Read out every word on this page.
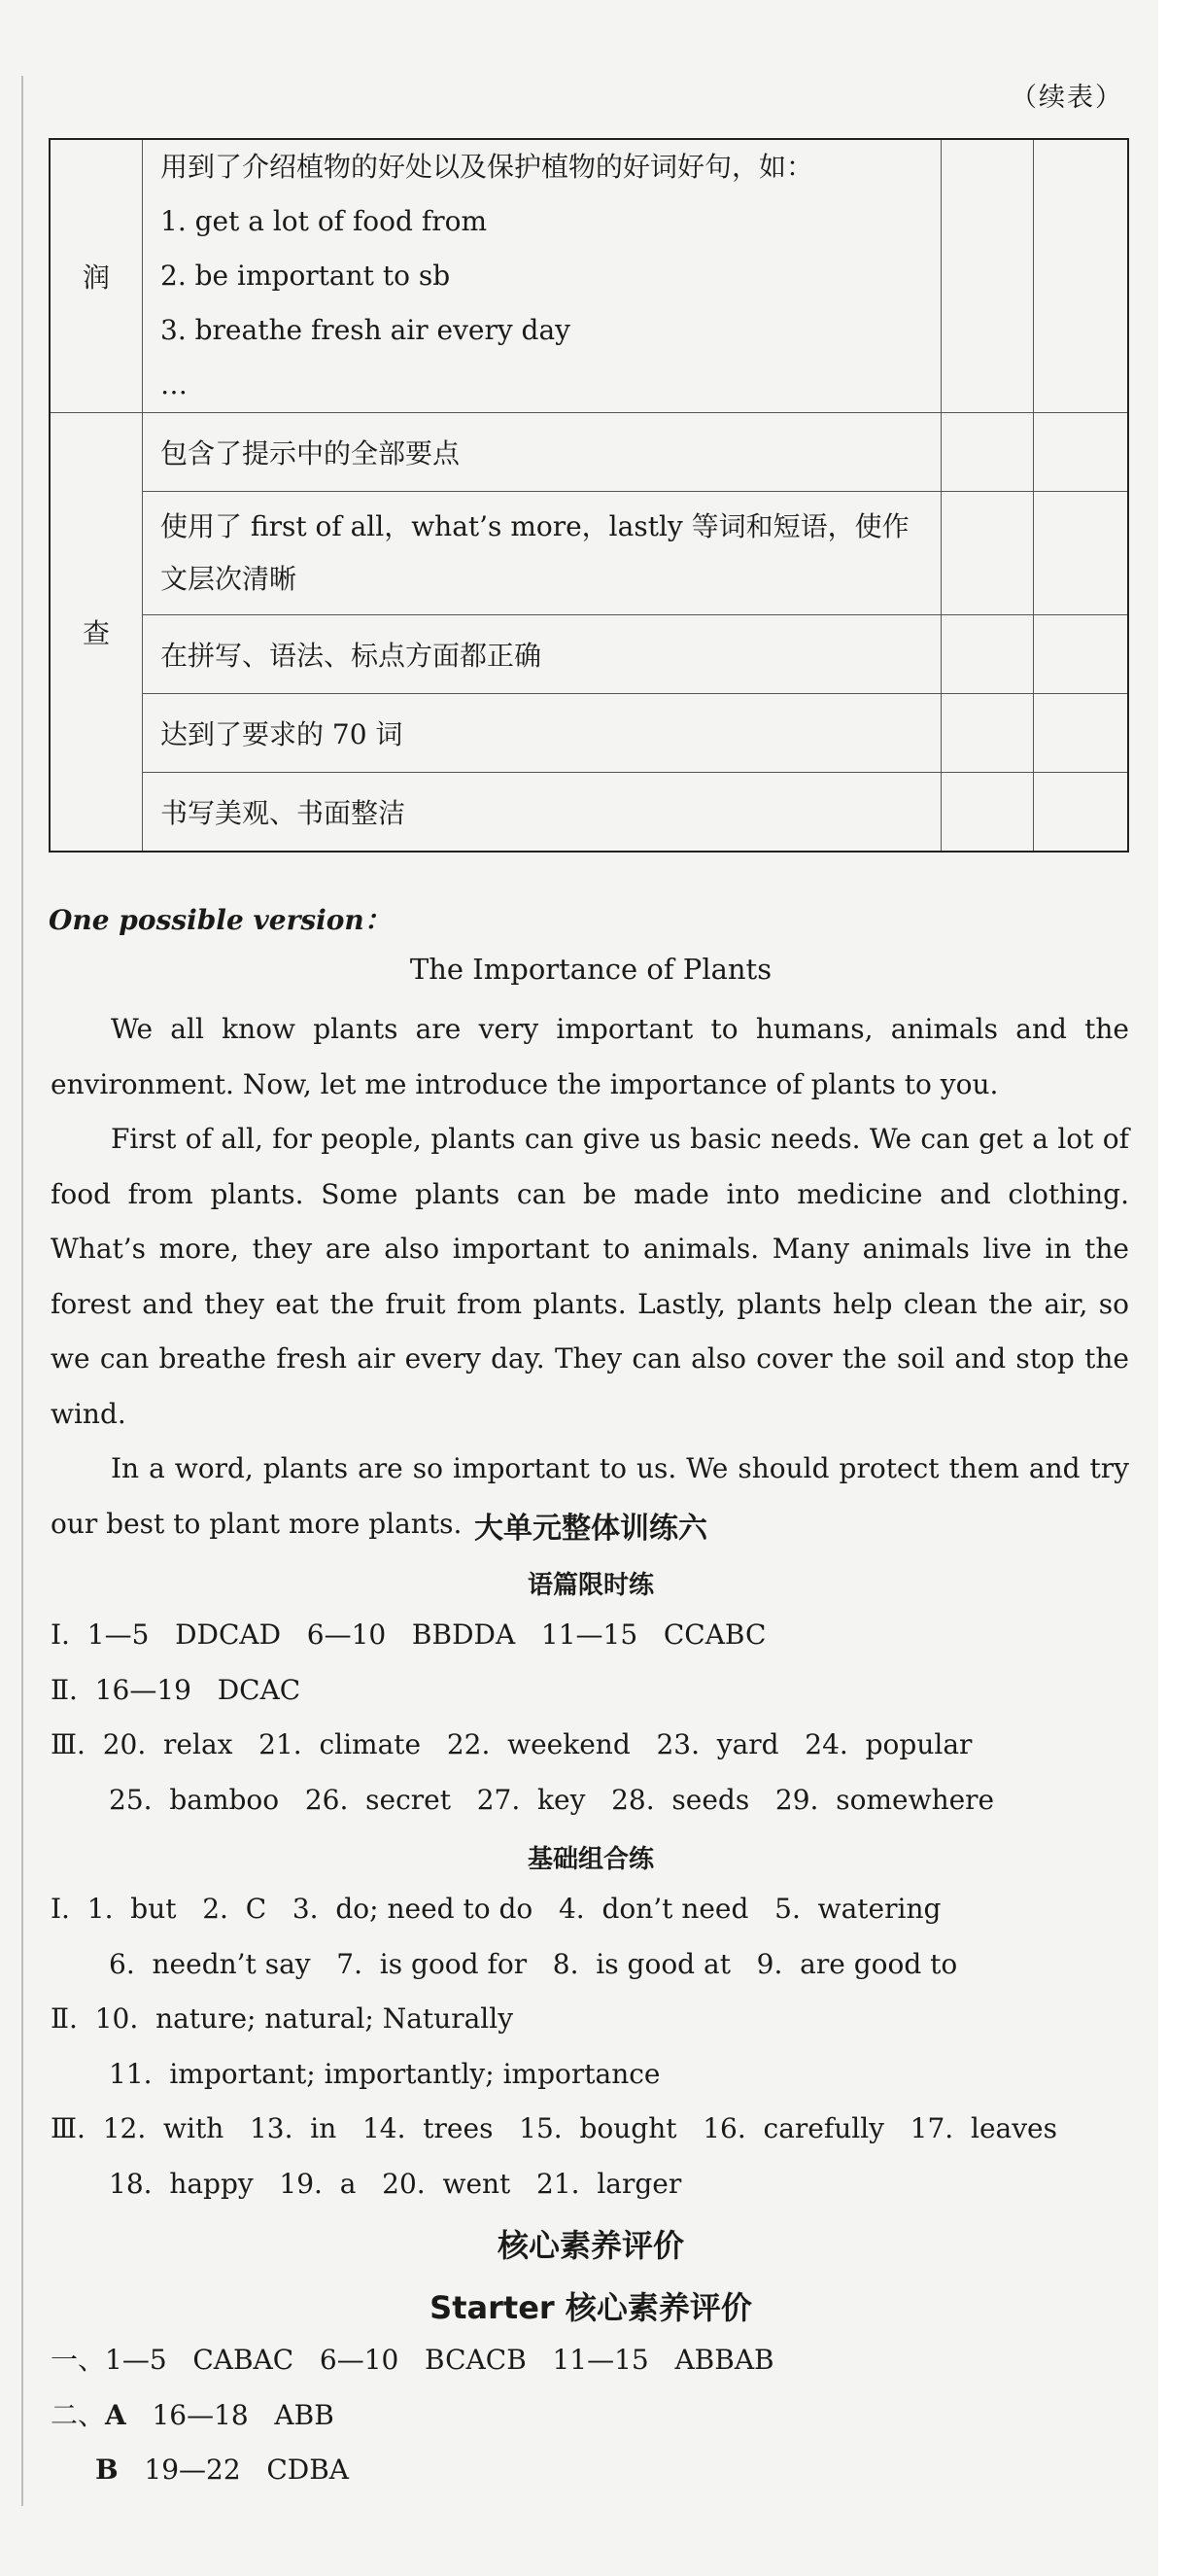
（续表）
润	用到了介绍植物的好处以及保护植物的好词好句，如：
1. get a lot of food from
2. be important to sb
3. breathe fresh air every day
…		

查	包含了提示中的全部要点		
	使用了 first of all，what’s more，lastly 等词和短语，使作文层次清晰		
	在拼写、语法、标点方面都正确		
	达到了要求的 70 词		
	书写美观、书面整洁		
One possible version：
The Importance of Plants

We all know plants are very important to humans, animals and the environment. Now, let me introduce the importance of plants to you.

First of all, for people, plants can give us basic needs. We can get a lot of food from plants. Some plants can be made into medicine and clothing. What’s more, they are also important to animals. Many animals live in the forest and they eat the fruit from plants. Lastly, plants help clean the air, so we can breathe fresh air every day. They can also cover the soil and stop the wind.

In a word, plants are so important to us. We should protect them and try our best to plant more plants. 大单元整体训练六
语篇限时练
Ⅰ.  1—5   DDCAD   6—10   BBDDA   11—15   CCABC
Ⅱ.  16—19   DCAC
Ⅲ.  20.  relax   21.  climate   22.  weekend   23.  yard   24.  popular
25.  bamboo   26.  secret   27.  key   28.  seeds   29.  somewhere
基础组合练
Ⅰ.  1.  but   2.  C   3.  do; need to do   4.  don’t need   5.  watering
6.  needn’t say   7.  is good for   8.  is good at   9.  are good to
Ⅱ.  10.  nature; natural; Naturally
11.  important; importantly; importance
Ⅲ.  12.  with   13.  in   14.  trees   15.  bought   16.  carefully   17.  leaves
18.  happy   19.  a   20.  went   21.  larger
核心素养评价
Starter 核心素养评价
一、1—5   CABAC   6—10   BCACB   11—15   ABBAB
二、A 16—18   ABB
B 19—22   CDBA
